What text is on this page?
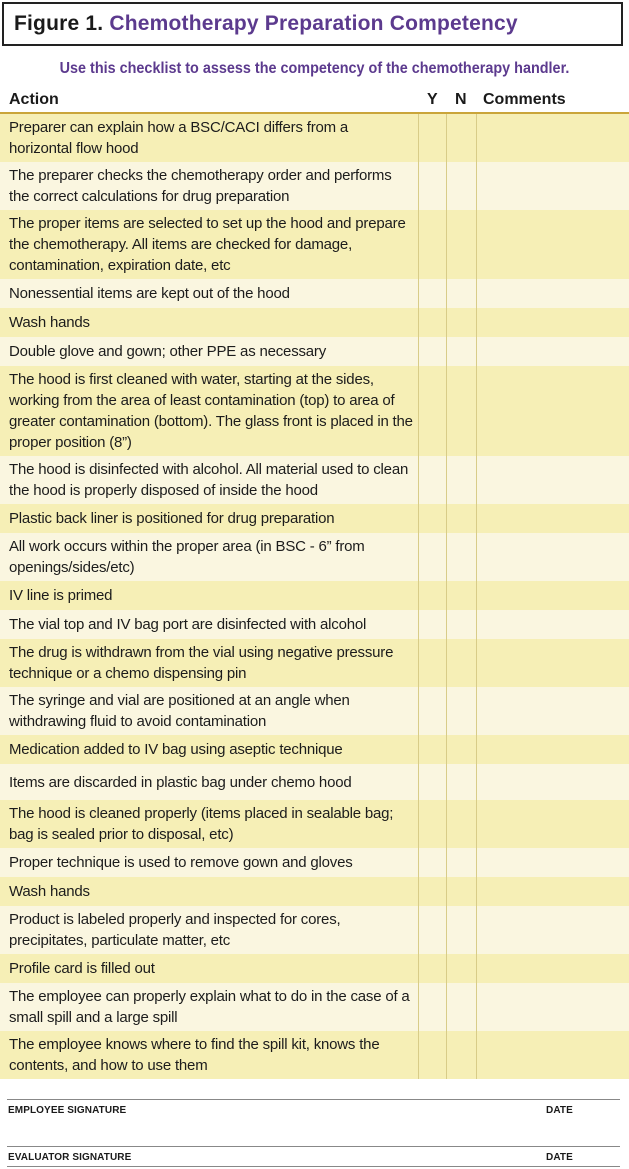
Figure 1. Chemotherapy Preparation Competency
Use this checklist to assess the competency of the chemotherapy handler.
Action	Y N Comments
Preparer can explain how a BSC/CACI differs from a horizontal flow hood
The preparer checks the chemotherapy order and performs the correct calculations for drug preparation
The proper items are selected to set up the hood and prepare the chemotherapy. All items are checked for damage, contamination, expiration date, etc
Nonessential items are kept out of the hood
Wash hands
Double glove and gown; other PPE as necessary
The hood is first cleaned with water, starting at the sides, working from the area of least contamination (top) to area of greater contamination (bottom). The glass front is placed in the proper position (8”)
The hood is disinfected with alcohol. All material used to clean the hood is properly disposed of inside the hood
Plastic back liner is positioned for drug preparation
All work occurs within the proper area (in BSC - 6” from openings/sides/etc)
IV line is primed
The vial top and IV bag port are disinfected with alcohol
The drug is withdrawn from the vial using negative pressure technique or a chemo dispensing pin
The syringe and vial are positioned at an angle when withdrawing fluid to avoid contamination
Medication added to IV bag using aseptic technique
Items are discarded in plastic bag under chemo hood
The hood is cleaned properly (items placed in sealable bag; bag is sealed prior to disposal, etc)
Proper technique is used to remove gown and gloves
Wash hands
Product is labeled properly and inspected for cores, precipitates, particulate matter, etc
Profile card is filled out
The employee can properly explain what to do in the case of a small spill and a large spill
The employee knows where to find the spill kit, knows the contents, and how to use them
EMPLOYEE SIGNATURE	DATE
EVALUATOR SIGNATURE	DATE
